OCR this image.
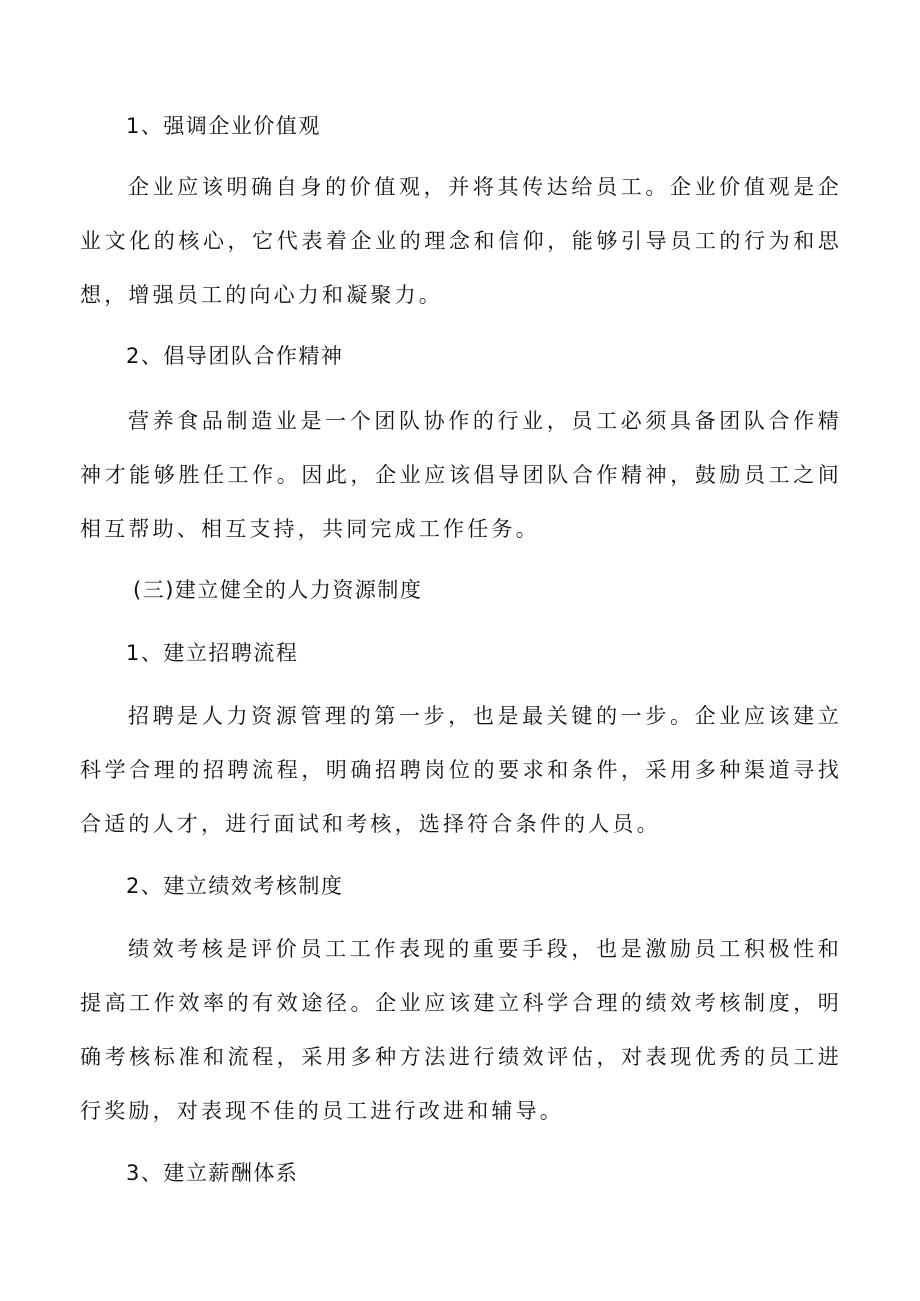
1、强调企业价值观

企业应该明确自身的价值观，并将其传达给员工。企业价值观是企业文化的核心，它代表着企业的理念和信仰，能够引导员工的行为和思想，增强员工的向心力和凝聚力。

2、倡导团队合作精神

营养食品制造业是一个团队协作的行业，员工必须具备团队合作精神才能够胜任工作。因此，企业应该倡导团队合作精神，鼓励员工之间相互帮助、相互支持，共同完成工作任务。

(三)建立健全的人力资源制度
1、建立招聘流程

招聘是人力资源管理的第一步，也是最关键的一步。企业应该建立科学合理的招聘流程，明确招聘岗位的要求和条件，采用多种渠道寻找合适的人才，进行面试和考核，选择符合条件的人员。

2、建立绩效考核制度

绩效考核是评价员工工作表现的重要手段，也是激励员工积极性和提高工作效率的有效途径。企业应该建立科学合理的绩效考核制度，明确考核标准和流程，采用多种方法进行绩效评估，对表现优秀的员工进行奖励，对表现不佳的员工进行改进和辅导。

3、建立薪酬体系
